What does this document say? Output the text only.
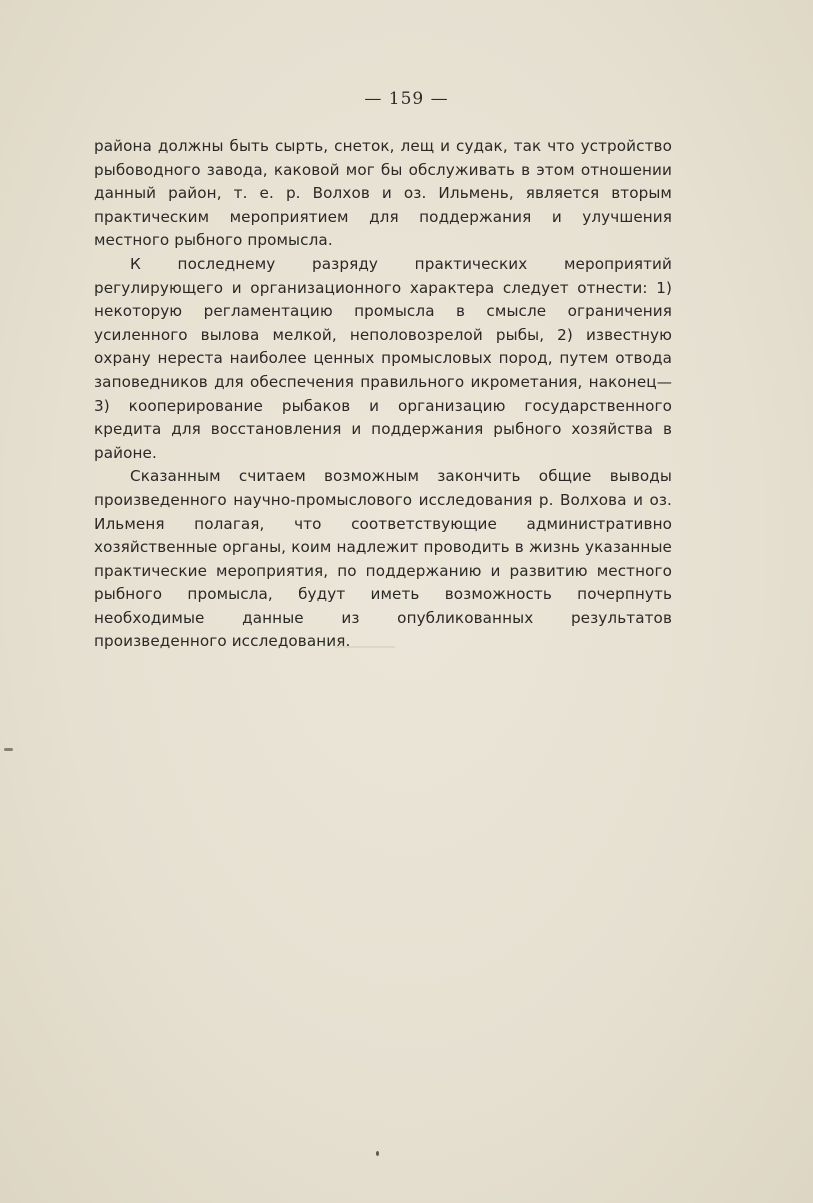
— 159 —

района должны быть сырть, снеток, лещ и судак, так что устройство рыбоводного завода, каковой мог бы обслуживать в этом отношении данный район, т. е. р. Волхов и оз. Ильмень, является вторым практическим мероприятием для поддержания и улучшения местного рыбного промысла.

К последнему разряду практических мероприятий регулирующего и организационного характера следует отнести: 1) некоторую регламентацию промысла в смысле ограничения усиленного вылова мелкой, неполовозрелой рыбы, 2) известную охрану нереста наиболее ценных промысловых пород, путем отвода заповедников для обеспечения правильного икрометания, наконец—3) кооперирование рыбаков и организацию государственного кредита для восстановления и поддержания рыбного хозяйства в районе.

Сказанным считаем возможным закончить общие выводы произведенного научно-промыслового исследования р. Волхова и оз. Ильменя полагая, что соответствующие административно хозяйственные органы, коим надлежит проводить в жизнь указанные практические мероприятия, по поддержанию и развитию местного рыбного промысла, будут иметь возможность почерпнуть необходимые данные из опубликованных результатов произведенного исследования.
